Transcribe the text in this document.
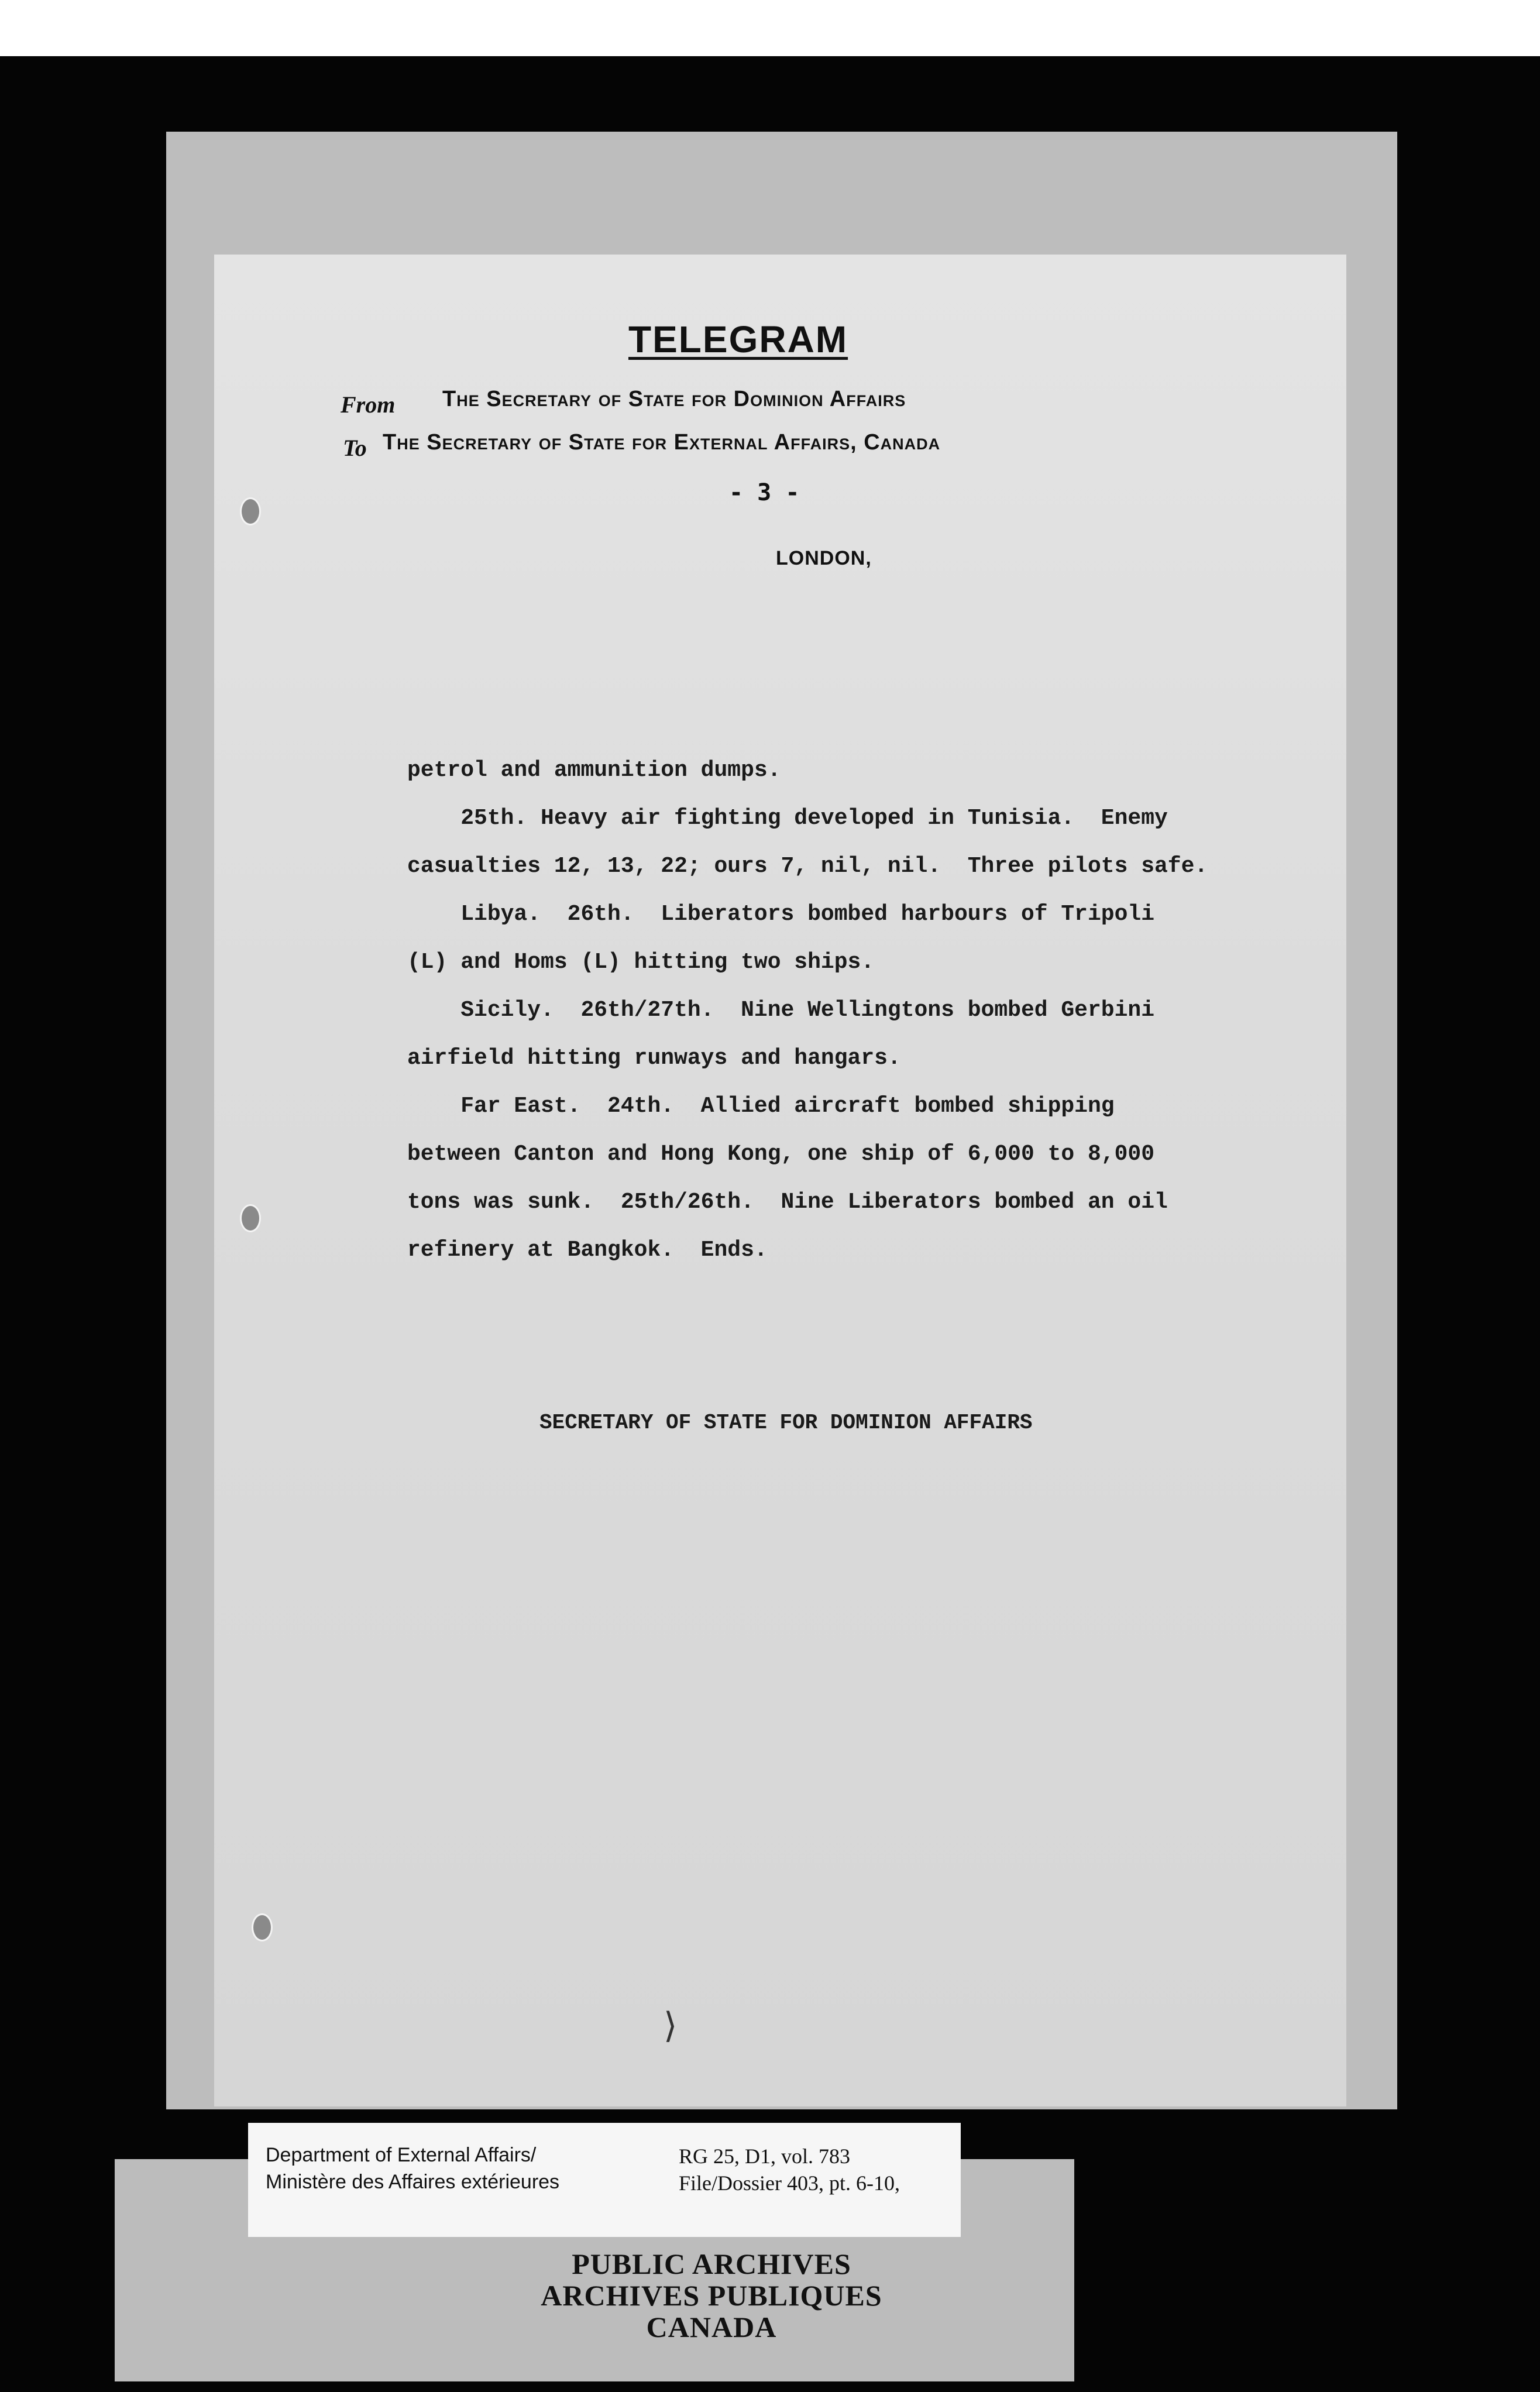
TELEGRAM
From The Secretary of State for Dominion Affairs
To The Secretary of State for External Affairs, Canada
- 3 -
LONDON,
petrol and ammunition dumps.
25th. Heavy air fighting developed in Tunisia.  Enemy
casualties 12, 13, 22; ours 7, nil, nil.  Three pilots safe.
Libya.  26th.  Liberators bombed harbours of Tripoli
(L) and Homs (L) hitting two ships.
Sicily.  26th/27th.  Nine Wellingtons bombed Gerbini
airfield hitting runways and hangars.
Far East.  24th.  Allied aircraft bombed shipping
between Canton and Hong Kong, one ship of 6,000 to 8,000
tons was sunk.  25th/26th.  Nine Liberators bombed an oil
refinery at Bangkok.  Ends.
SECRETARY OF STATE FOR DOMINION AFFAIRS
⟩
PUBLIC ARCHIVES
ARCHIVES PUBLIQUES
CANADA
Department of External Affairs/
Ministère des Affaires extérieures
RG 25, D1, vol. 783
File/Dossier 403, pt. 6-10,
